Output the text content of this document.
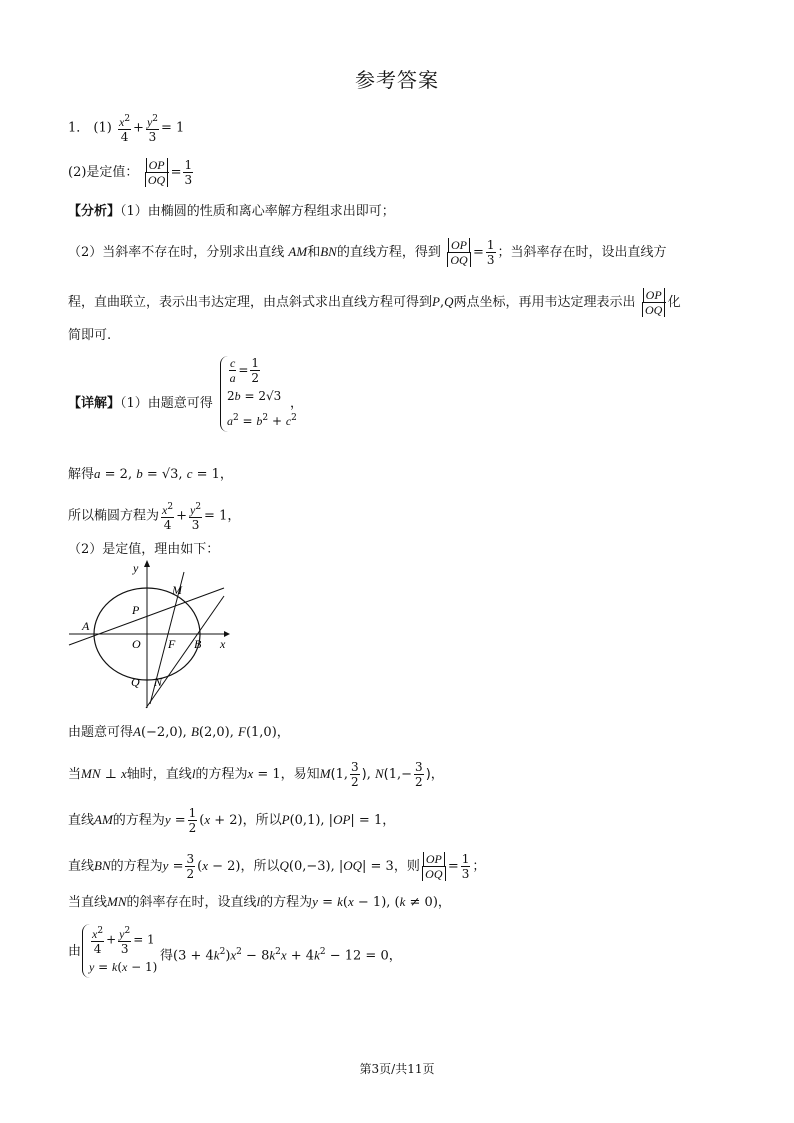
参考答案
1． $(1) \frac{x^2}{4} + \frac{y^2}{3} = 1$
(2)是定值： $\frac{OP}{OQ} = \frac{1}{3}$
【分析】（1）由椭圆的性质和离心率解方程组求出即可；
（2）当斜率不存在时，分别求出直线 AM和BN的直线方程，得到 $\frac{OP}{OQ} = \frac{1}{3}$ ；当斜率存在时，设出直线方
程，直曲联立，表示出韦达定理，由点斜式求出直线方程可得到P,Q两点坐标，再用韦达定理表示出 $\frac{OP}{OQ}$ 化
简即可.
【详解】（1）由题意可得
$\frac{c}{a} = \frac{1}{2}$
2b = 2√3
$a^2 = b^2 + c^2$
，
解得a = 2, b = √3, c = 1，
所以椭圆方程为 $\frac{x^2}{4} + \frac{y^2}{3} = 1$，
（2）是定值，理由如下：
y
M
P
A
O F B x
Q N
由题意可得A(−2,0), B(2,0), F(1,0)，
当MN ⊥ x轴时，直线l的方程为x = 1，易知M(1, $\frac{3}{2}$ ), $N(1,- \frac{3}{2}$ )，
直线AM的方程为$y = \frac{1}{2} (x + 2)$，所以P(0,1), |OP| = 1，
直线BN的方程为$y = \frac{3}{2} (x - 2)$，所以Q(0,−3), |OQ| = 3，则 $\frac{OP}{OQ} = \frac{1}{3}$ ；
当直线MN的斜率存在时，设直线l的方程为y = k(x − 1), (k ≠ 0)，
由 $\frac{x^2}{4} + \frac{y^2}{3} = 1$
y = k(x − 1)
得$(3 + 4k^2)x^2 - 8k^2x + 4k^2 - 12 = 0$，
第3页/共11页
